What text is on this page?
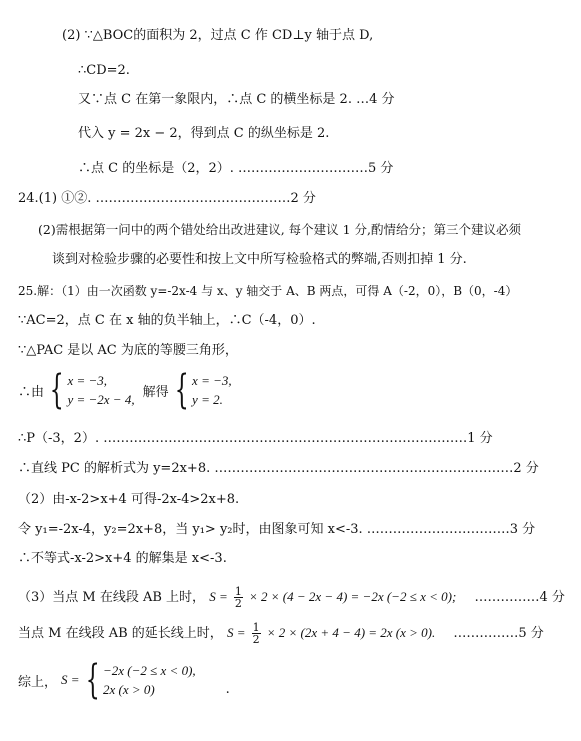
(2) ∵△BOC的面积为 2，过点 C 作 CD⊥y 轴于点 D,
∴CD=2.
又∵点 C 在第一象限内，∴点 C 的横坐标是 2. …4 分
代入 y = 2x − 2，得到点 C 的纵坐标是 2.
∴点 C 的坐标是（2，2）. …………………………5 分
24.(1) ①②. ………………………………………2 分
(2)需根据第一问中的两个错处给出改进建议, 每个建议 1 分,酌情给分；第三个建议必须
谈到对检验步骤的必要性和按上文中所写检验格式的弊端,否则扣掉 1 分.
25.解：（1）由一次函数 y=-2x-4 与 x、y 轴交于 A、B 两点，可得 A（-2，0），B（0，-4）
∵AC=2，点 C 在 x 轴的负半轴上，∴C（-4，0）.
∵△PAC 是以 AC 为底的等腰三角形，
∴由 { x = −3,
y = −2x − 4, 解得 { x = −3,
y = 2.
∴P（-3，2）. …………………………………………………………………………1 分
∴直线 PC 的解析式为 y=2x+8. ……………………………………………………………2 分
（2）由-x-2>x+4 可得-2x-4>2x+8.
令 y₁=-2x-4，y₂=2x+8，当 y₁> y₂时，由图象可知 x<-3. ……………………………3 分
∴不等式-x-2>x+4 的解集是 x<-3.
（3）当点 M 在线段 AB 上时， $S = \frac{1}{2} \times 2 \times (4 - 2x - 4) = -2x$ (−2 ≤ x < 0); ……………4 分
当点 M 在线段 AB 的延长线上时， $S = \frac{1}{2} \times 2 \times (2x + 4 - 4) = 2x$ (x > 0). ……………5 分
综上， S = { −2x (−2 ≤ x < 0),
2x (x > 0)	.
